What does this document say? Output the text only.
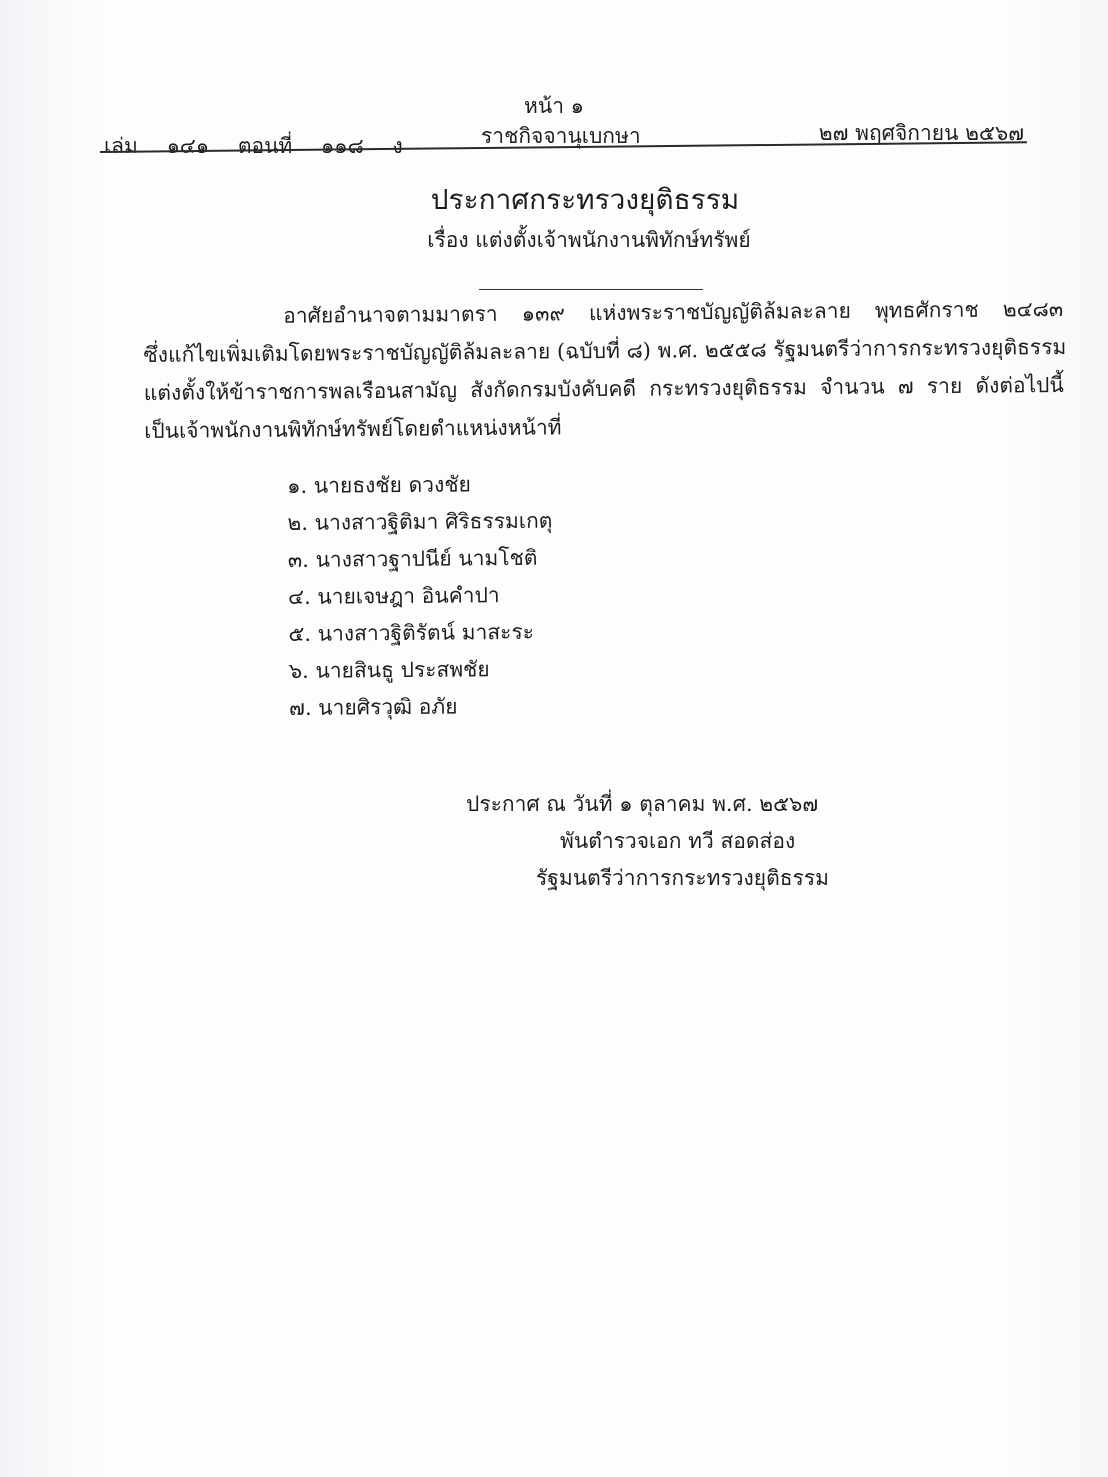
หน้า ๑
เล่ม ๑๔๑ ตอนที่ ๑๑๘ ง	ราชกิจจานุเบกษา	๒๗ พฤศจิกายน ๒๕๖๗
ประกาศกระทรวงยุติธรรม
เรื่อง แต่งตั้งเจ้าพนักงานพิทักษ์ทรัพย์
อาศัยอำนาจตามมาตรา ๑๓๙ แห่งพระราชบัญญัติล้มละลาย พุทธศักราช ๒๔๘๓
ซึ่งแก้ไขเพิ่มเติมโดยพระราชบัญญัติล้มละลาย (ฉบับที่ ๘) พ.ศ. ๒๕๕๘ รัฐมนตรีว่าการกระทรวงยุติธรรม
แต่งตั้งให้ข้าราชการพลเรือนสามัญ สังกัดกรมบังคับคดี กระทรวงยุติธรรม จำนวน ๗ ราย ดังต่อไปนี้
เป็นเจ้าพนักงานพิทักษ์ทรัพย์โดยตำแหน่งหน้าที่
๑. นายธงชัย ดวงชัย
๒. นางสาวฐิติมา ศิริธรรมเกตุ
๓. นางสาวฐาปนีย์ นามโชติ
๔. นายเจษฎา อินคำปา
๕. นางสาวฐิติรัตน์ มาสะระ
๖. นายสินธู ประสพชัย
๗. นายศิรวุฒิ อภัย
ประกาศ ณ วันที่ ๑ ตุลาคม พ.ศ. ๒๕๖๗
พันตำรวจเอก ทวี สอดส่อง
รัฐมนตรีว่าการกระทรวงยุติธรรม
